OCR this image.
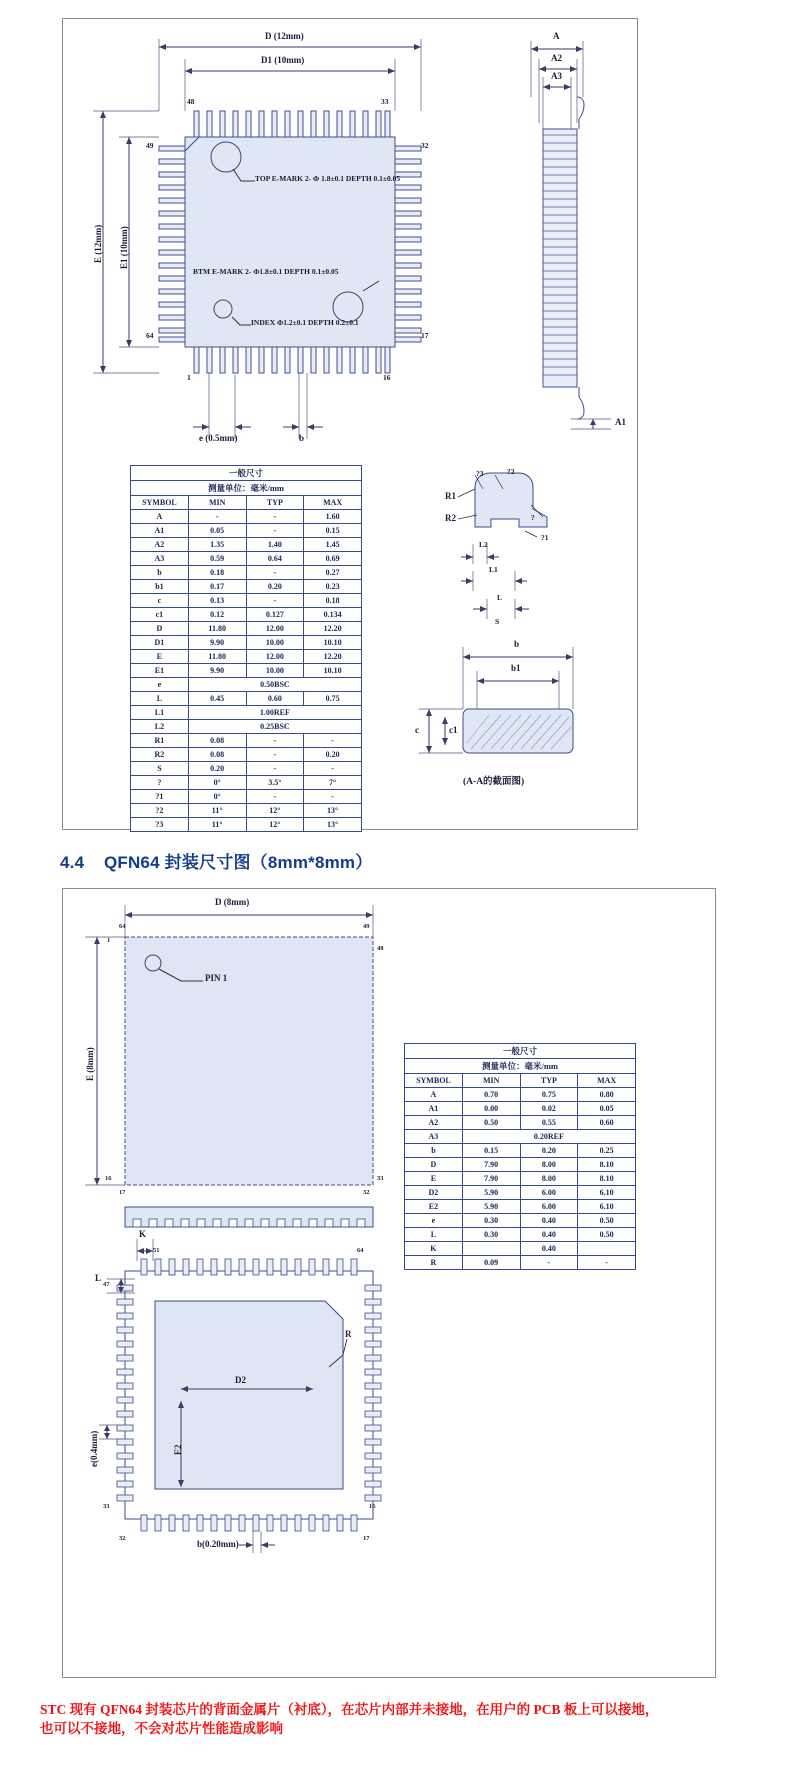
D (12mm)
D1 (10mm)
E (12mm) E1 (10mm)
48	33
49	32
64	17
1	16
TOP E-MARK 2- Φ 1.8±0.1 DEPTH 0.1±0.05
BTM E-MARK 2- Φ1.8±0.1 DEPTH 0.1±0.05
INDEX Φ1.2±0.1 DEPTH 0.2±0.1
e (0.5mm)	b
A
A2
A3
A1
R1
R2
L2
L1
L
S
?3	?2
?
?1
b
b1
c	c1
(A-A的截面图)
一般尺寸			
测量单位：毫米/mm			
SYMBOL	MIN	TYP	MAX
A	-	-	1.60
A1	0.05	-	0.15
A2	1.35	1.40	1.45
A3	0.59	0.64	0.69
b	0.18	-	0.27
b1	0.17	0.20	0.23
c	0.13	-	0.18
c1	0.12	0.127	0.134
D	11.80	12.00	12.20
D1	9.90	10.00	10.10
E	11.80	12.00	12.20
E1	9.90	10.00	10.10
e	0.50BSC		
L	0.45	0.60	0.75
L1	1.00REF		
L2	0.25BSC		
R1	0.08	-	-
R2	0.08	-	0.20
S	0.20	-	-
?	0°	3.5°	7°
?1	0°	-	-
?2	11°	12°	13°
?3	11°	12°	13°
4.4 QFN64 封装尺寸图（8mm*8mm）
D (8mm)
E (8mm)
64	49
1
48
16	33
17	32
PIN 1
51	64
47
33	16
32	17
K
L
R
D2
E2
e(0.4mm)
b(0.20mm)
一般尺寸			
测量单位：毫米/mm			
SYMBOL	MIN	TYP	MAX
A	0.70	0.75	0.80
A1	0.00	0.02	0.05
A2	0.50	0.55	0.60
A3	0.20REF		
b	0.15	0.20	0.25
D	7.90	8.00	8.10
E	7.90	8.00	8.10
D2	5.90	6.00	6.10
E2	5.90	6.00	6.10
e	0.30	0.40	0.50
L	0.30	0.40	0.50
K		0.40	
R	0.09	-	-
STC 现有 QFN64 封装芯片的背面金属片（衬底），在芯片内部并未接地，在用户的 PCB 板上可以接地，
也可以不接地，不会对芯片性能造成影响
